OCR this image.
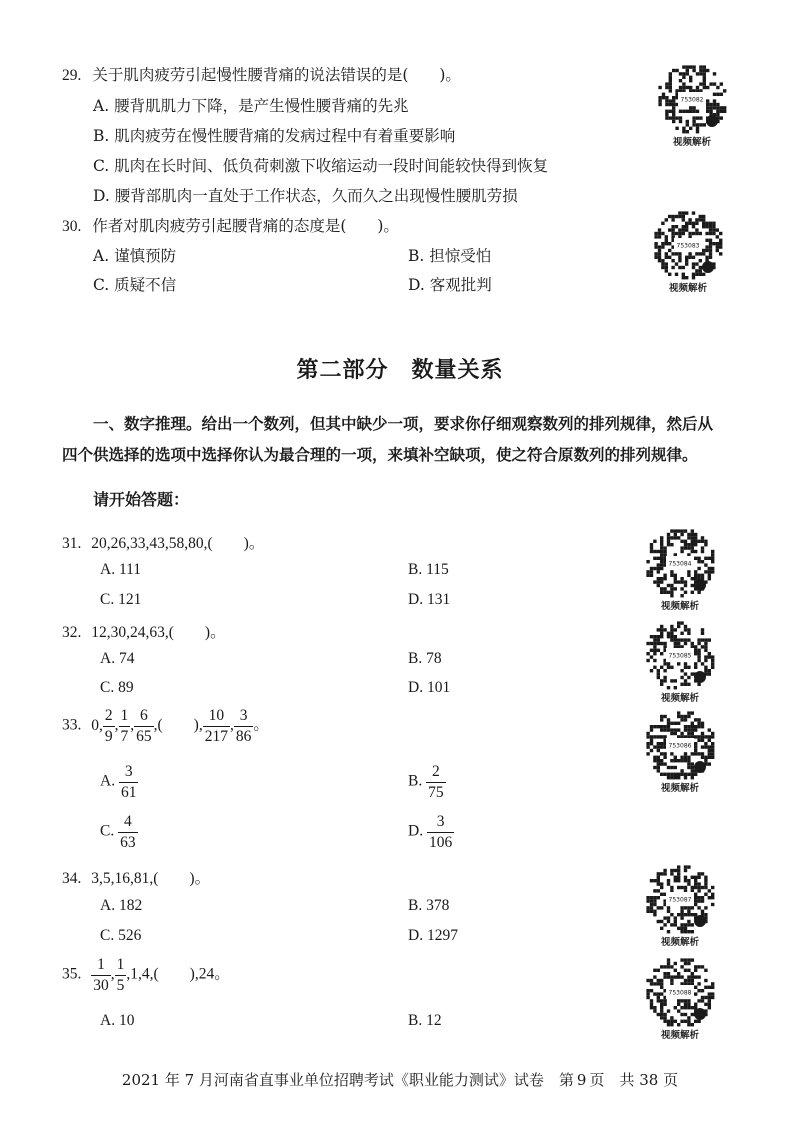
29. 关于肌肉疲劳引起慢性腰背痛的说法错误的是(　　)。
A. 腰背肌肌力下降，是产生慢性腰背痛的先兆
B. 肌肉疲劳在慢性腰背痛的发病过程中有着重要影响
C. 肌肉在长时间、低负荷刺激下收缩运动一段时间能较快得到恢复
D. 腰背部肌肉一直处于工作状态，久而久之出现慢性腰肌劳损
30. 作者对肌肉疲劳引起腰背痛的态度是(　　)。
A. 谨慎预防	B. 担惊受怕
C. 质疑不信	D. 客观批判
第二部分　数量关系
一、数字推理。给出一个数列，但其中缺少一项，要求你仔细观察数列的排列规律，然后从
四个供选择的选项中选择你认为最合理的一项，来填补空缺项，使之符合原数列的排列规律。
请开始答题：
31. 20,26,33,43,58,80,(　　)。
A. 111	B. 115
C. 121	D. 131
32. 12,30,24,63,(　　)。
A. 74	B. 78
C. 89	D. 101
33. 0, $\frac{2}{9}$ , $\frac{1}{7}$ , $\frac{6}{65}$ ,(　　), $\frac{10}{217}$ , $\frac{3}{86}$ 。
A. $\frac{3}{61}$	B. $\frac{2}{75}$
C. $\frac{4}{63}$	D. $\frac{3}{106}$
34. 3,5,16,81,(　　)。
A. 182	B. 378
C. 526	D. 1297
35. $\frac{1}{30}$ , $\frac{1}{5} ,1,4$,(　　),24。
A. 10	B. 12
753082
视频解析
753083
视频解析
753084
视频解析
753085
视频解析
753086
视频解析
753087
视频解析
753088
视频解析
2021 年 7 月河南省直事业单位招聘考试《职业能力测试》试卷　第 9 页　共 38 页
